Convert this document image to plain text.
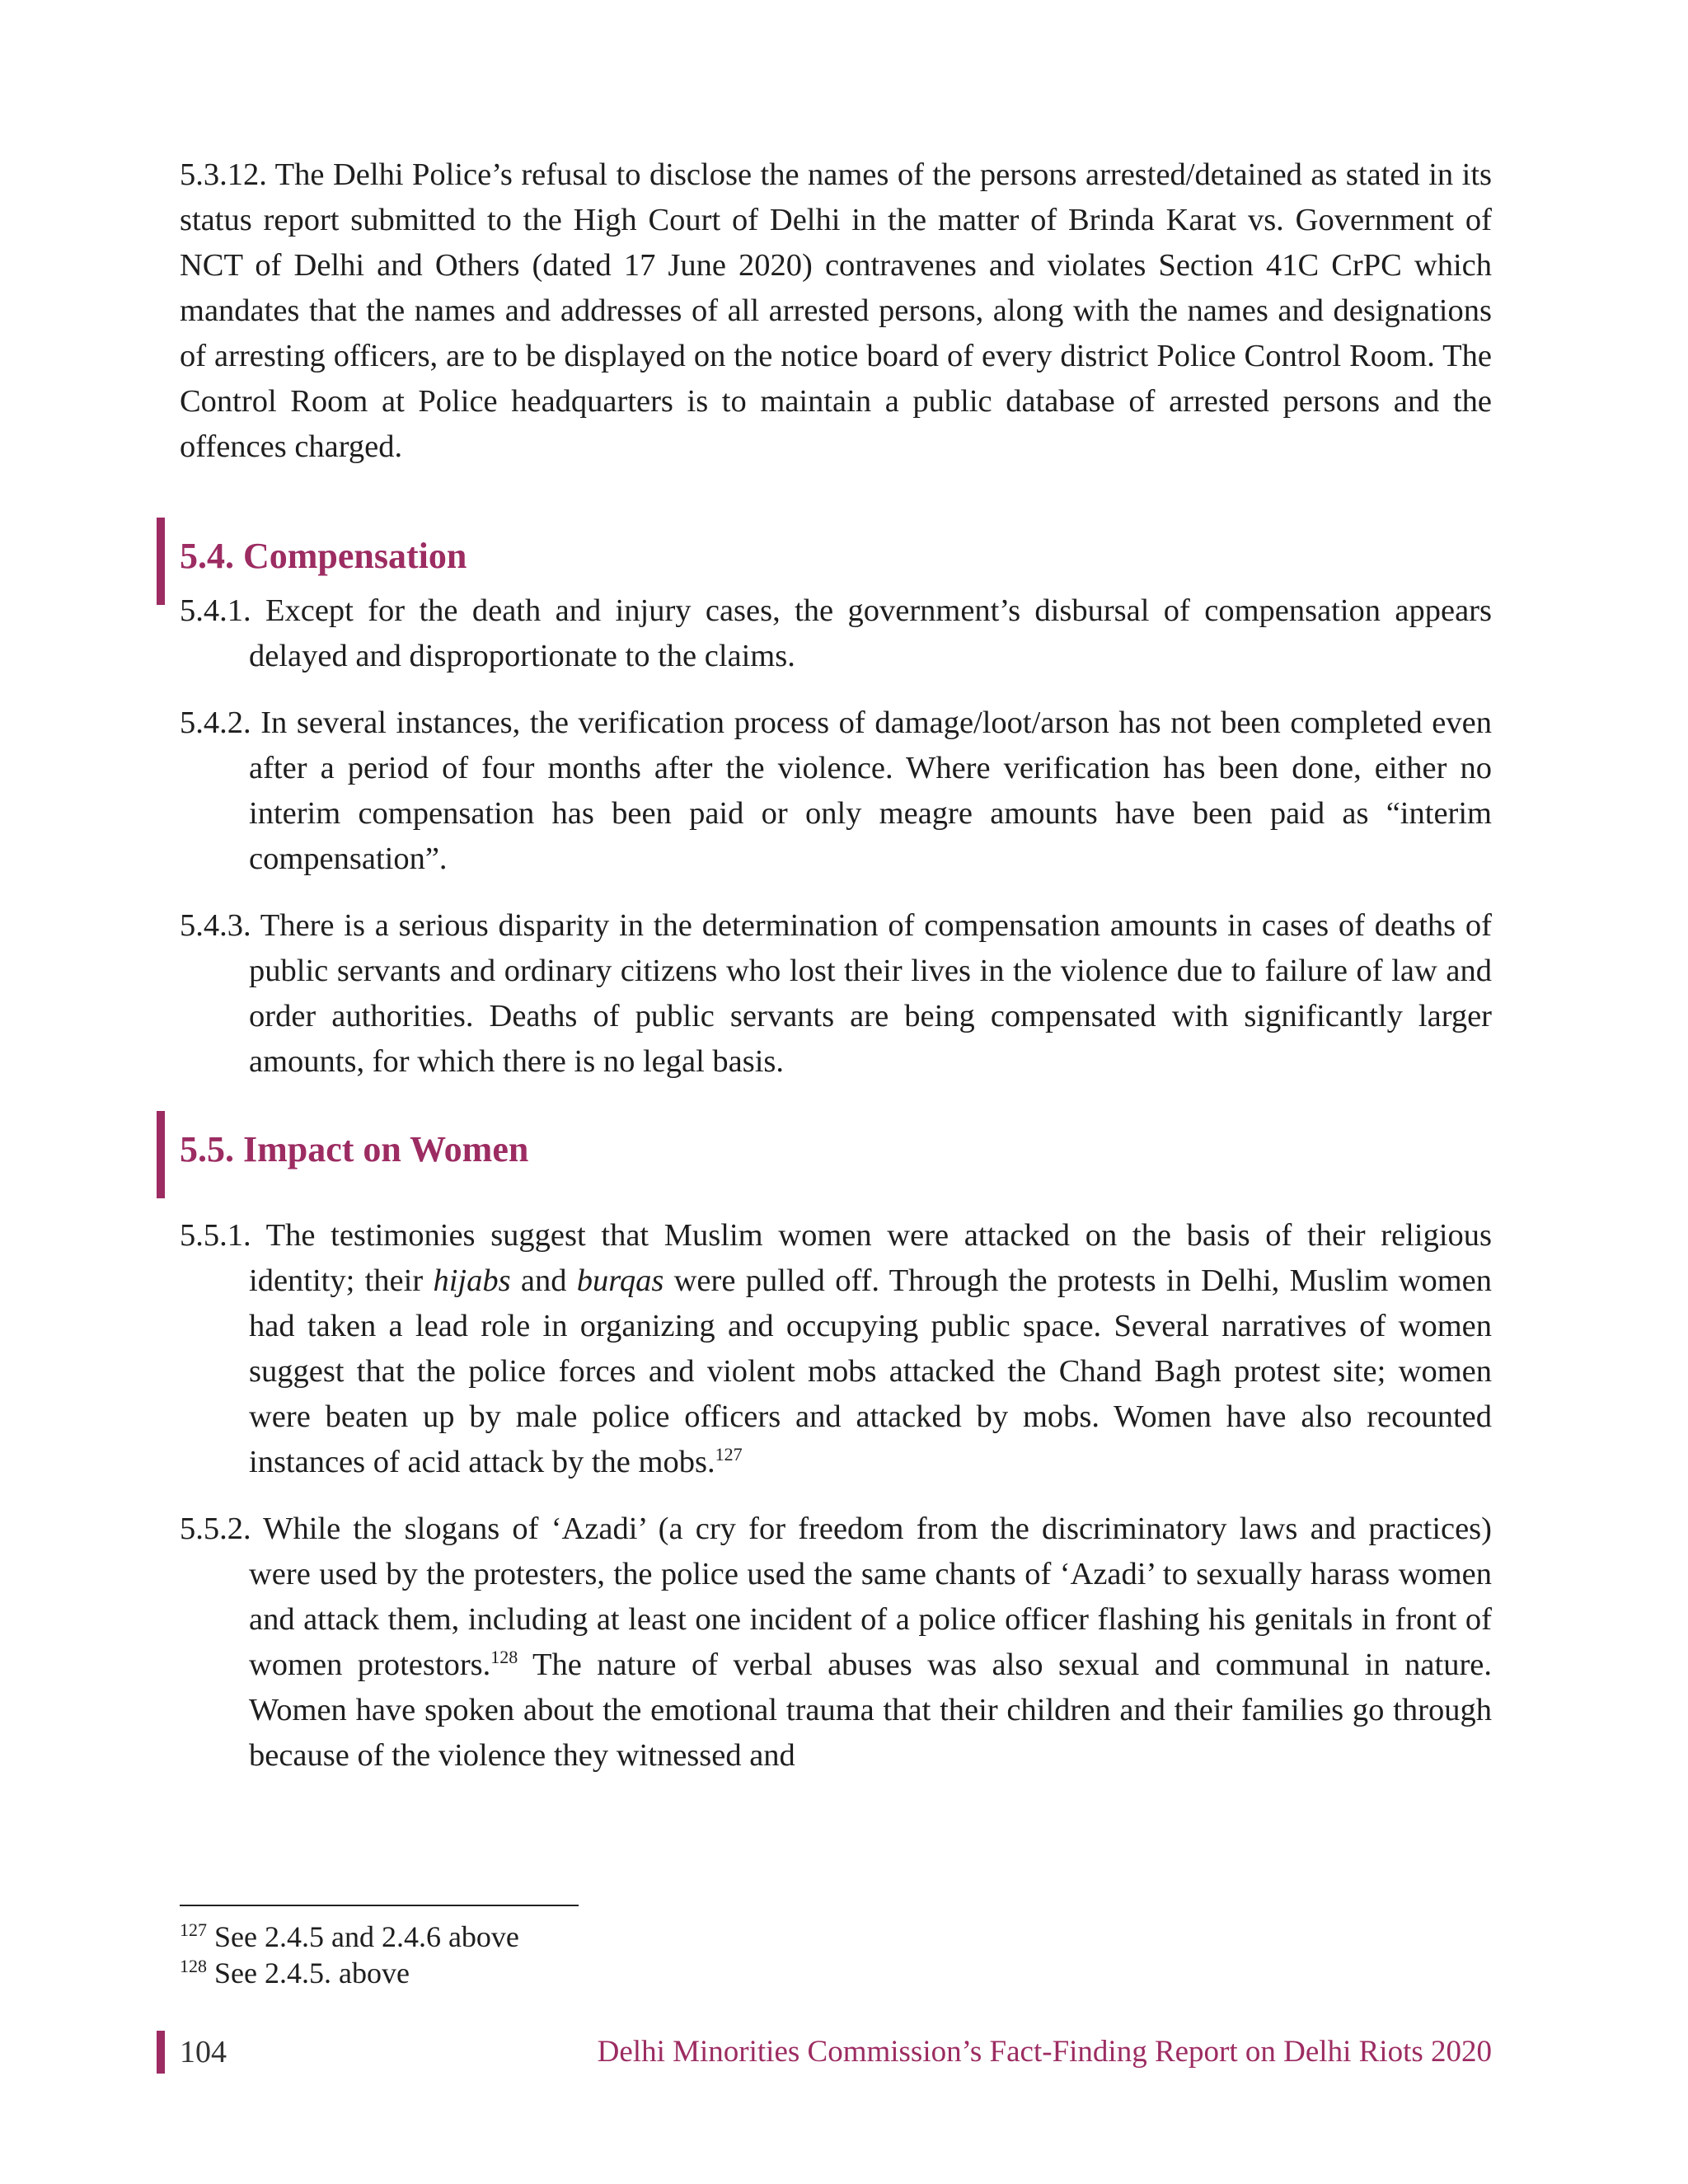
5.3.12. The Delhi Police’s refusal to disclose the names of the persons arrested/detained as stated in its status report submitted to the High Court of Delhi in the matter of Brinda Karat vs. Government of NCT of Delhi and Others (dated 17 June 2020) contravenes and violates Section 41C CrPC which mandates that the names and addresses of all arrested persons, along with the names and designations of arresting officers, are to be displayed on the notice board of every district Police Control Room. The Control Room at Police headquarters is to maintain a public database of arrested persons and the offences charged.

5.4. Compensation

5.4.1. Except for the death and injury cases, the government’s disbursal of compensation appears delayed and disproportionate to the claims.

5.4.2. In several instances, the verification process of damage/loot/arson has not been completed even after a period of four months after the violence. Where verification has been done, either no interim compensation has been paid or only meagre amounts have been paid as “interim compensation”.

5.4.3. There is a serious disparity in the determination of compensation amounts in cases of deaths of public servants and ordinary citizens who lost their lives in the violence due to failure of law and order authorities. Deaths of public servants are being compensated with significantly larger amounts, for which there is no legal basis.

5.5. Impact on Women

5.5.1. The testimonies suggest that Muslim women were attacked on the basis of their religious identity; their hijabs and burqas were pulled off. Through the protests in Delhi, Muslim women had taken a lead role in organizing and occupying public space. Several narratives of women suggest that the police forces and violent mobs attacked the Chand Bagh protest site; women were beaten up by male police officers and attacked by mobs. Women have also recounted instances of acid attack by the mobs.$^{127}$

5.5.2. While the slogans of ‘Azadi’ (a cry for freedom from the discriminatory laws and practices) were used by the protesters, the police used the same chants of ‘Azadi’ to sexually harass women and attack them, including at least one incident of a police officer flashing his genitals in front of women protestors.$^{128}$ The nature of verbal abuses was also sexual and communal in nature. Women have spoken about the emotional trauma that their children and their families go through because of the violence they witnessed and

$^{127}$ See 2.4.5 and 2.4.6 above
$^{128}$ See 2.4.5. above
104	Delhi Minorities Commission’s Fact-Finding Report on Delhi Riots 2020
